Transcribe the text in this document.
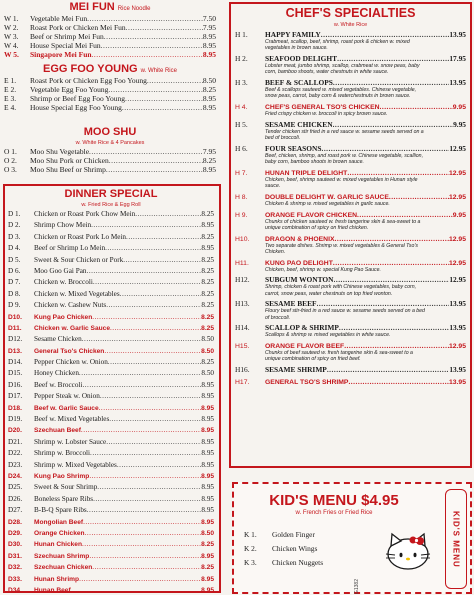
MEI FUN Rice Noodle
W 1.	Vegetable Mei Fun .....	7.50
W 2.	Roast Pork or Chicken Mei Fun .....	7.95
W 3.	Beef or Shrimp Mei Fun .....	8.95
W 4.	House Special Mei Fun .....	8.95
W 5.	Singapore Mei Fun .....	8.95
EGG FOO YOUNG w. White Rice
E 1.	Roast Pork or Chicken Egg Foo Young .....	8.50
E 2.	Vegetable Egg Foo Young .....	8.25
E 3.	Shrimp or Beef Egg Foo Young .....	8.95
E 4.	House Special Egg Foo Young .....	8.95
MOO SHU
w. White Rice & 4 Pancakes
O 1.	Moo Shu Vegetable .....	7.95
O 2.	Moo Shu Pork or Chicken .....	8.25
O 3.	Moo Shu Beef or Shrimp .....	8.95
DINNER SPECIAL
w. Fried Rice & Egg Roll
D 1.	Chicken or Roast Pork Chow Mein .....	8.25
D 2.	Shrimp Chow Mein .....	8.95
D 3.	Chicken or Roast Pork Lo Mein .....	8.25
D 4.	Beef or Shrimp Lo Mein .....	8.95
D 5.	Sweet & Sour Chicken or Pork .....	8.25
D 6.	Moo Goo Gai Pan .....	8.25
D 7.	Chicken w. Broccoli .....	8.25
D 8.	Chicken w. Mixed Vegetables .....	8.25
D 9.	Chicken w. Cashew Nuts .....	8.25
D10.	Kung Pao Chicken .....	8.25
D11.	Chicken w. Garlic Sauce .....	8.25
D12.	Sesame Chicken .....	8.50
D13.	General Tso's Chicken .....	8.50
D14.	Pepper Chicken w. Onion .....	8.25
D15.	Honey Chicken .....	8.50
D16.	Beef w. Broccoli .....	8.95
D17.	Pepper Steak w. Onion .....	8.95
D18.	Beef w. Garlic Sauce .....	8.95
D19.	Beef w. Mixed Vegetables .....	8.95
D20.	Szechuan Beef .....	8.95
D21.	Shrimp w. Lobster Sauce .....	8.95
D22.	Shrimp w. Broccoli .....	8.95
D23.	Shrimp w. Mixed Vegetables .....	8.95
D24.	Kung Pao Shrimp .....	8.95
D25.	Sweet & Sour Shrimp .....	8.95
D26.	Boneless Spare Ribs .....	8.95
D27.	B-B-Q Spare Ribs .....	8.95
D28.	Mongolian Beef .....	8.95
D29.	Orange Chicken .....	8.50
D30.	Hunan Chicken .....	8.25
D31.	Szechuan Shrimp .....	8.95
D32.	Szechuan Chicken .....	8.25
D33.	Hunan Shrimp .....	8.95
D34.	Hunan Beef .....	8.95
CHEF'S SPECIALTIES
w. White Rice
H 1.	HAPPY FAMILY .....	13.95
Crabmeat, scallop, beef, shrimp, roast pork & chicken w. mixed vegetables in brown sauce.
H 2.	SEAFOOD DELIGHT .....	17.95
Lobster meat, jumbo shrimp, scallop, crabmeat w. snow peas, baby corn, bamboo shoots, water chestnuts in white sauce.
H 3.	BEEF & SCALLOPS .....	13.95
Beef & scallops sauteed w. mixed vegetables. Chinese vegetable, snow peas, carrot, baby corn & waterchestnuts in brown sauce.
H 4.	CHEF'S GENERAL TSO'S CHICKEN .....	9.95
Fried crispy chicken w. broccoli in spicy brown sauce.
H 5.	SESAME CHICKEN .....	9.95
Tender chicken stir fried in a red sauce w. sesame seeds served on a bed of broccoli.
H 6.	FOUR SEASONS .....	12.95
Beef, chicken, shrimp, and roast pork w. Chinese vegetable, scallion, baby corn, bamboo shoots in brown sauce.
H 7.	HUNAN TRIPLE DELIGHT .....	12.95
Chicken, beef, shrimp sauteed w. mixed vegetables in Hunan style sauce.
H 8.	DOUBLE DELIGHT W. GARLIC SAUCE .....	12.95
Chicken & shrimp w. mixed vegetables in garlic sauce.
H 9.	ORANGE FLAVOR CHICKEN .....	9.95
Chunks of chicken sauteed w. fresh tangerine skin & sea-sweet to a unique combination of spicy on fried chicken.
H10.	DRAGON & PHOENIX .....	12.95
Two separate dishes. Shrimp w. mixed vegetables & General Tso's Chicken.
H11.	KUNG PAO DELIGHT .....	12.95
Chicken, beef, shrimp w. special Kung Pao Sauce.
H12.	SUBGUM WONTON .....	12.95
Shrimp, chicken & roast pork with Chinese vegetables, baby corn, carrot, snow peas, water chestnuts on top fried wonton.
H13.	SESAME BEEF .....	13.95
Floury beef stir-fried in a red sauce w. sesame seeds served on a bed of broccoli.
H14.	SCALLOP & SHRIMP .....	13.95
Scallops & shrimp w. mixed vegetables in white sauce.
H15.	ORANGE FLAVOR BEEF .....	12.95
Chunks of beef sauteed w. fresh tangerine skin & sea-sweet to a unique combination of spicy on fried beef.
H16.	SESAME SHRIMP .....	13.95
H17.	GENERAL TSO'S SHRIMP .....	13.95
KID'S MENU $4.95
w. French Fries or Fried Rice
K 1.	Golden Finger
K 2.	Chicken Wings
K 3.	Chicken Nuggets
G1382
KID'S MENU
